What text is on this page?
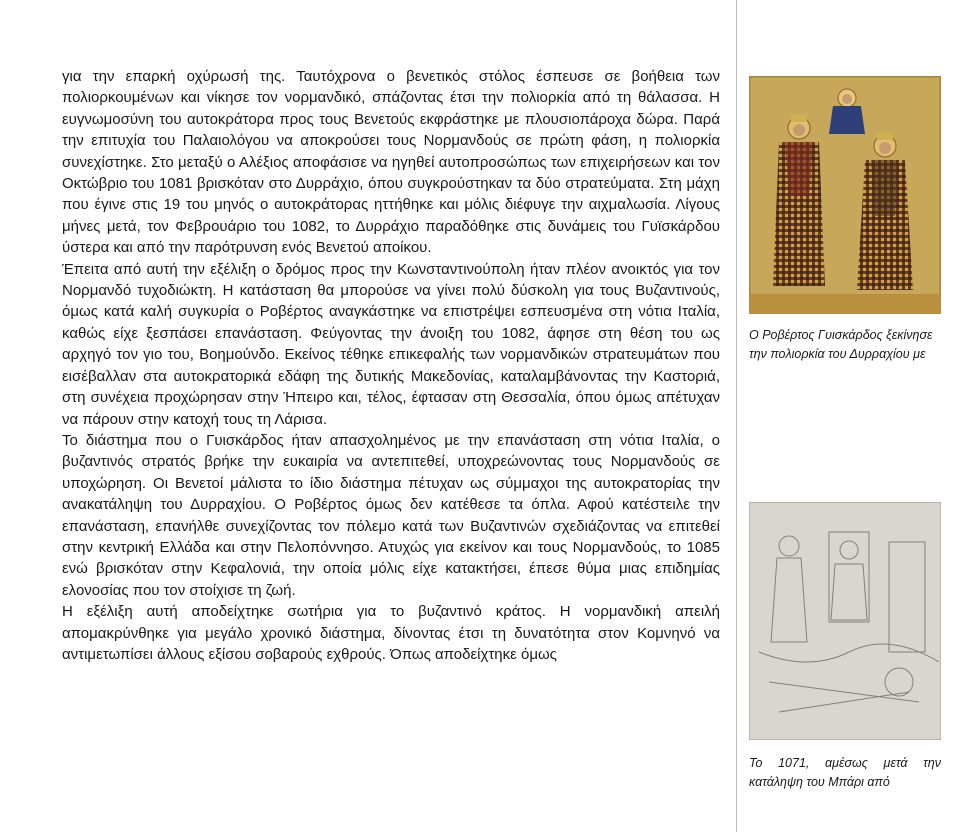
για την επαρκή οχύρωσή της. Ταυτόχρονα ο βενετικός στόλος έσπευσε σε βοήθεια των πολιορκουμένων και νίκησε τον νορμανδικό, σπάζοντας έτσι την πολιορκία από τη θάλασσα. Η ευγνωμοσύνη του αυτοκράτορα προς τους Βενετούς εκφράστηκε με πλουσιοπάροχα δώρα. Παρά την επιτυχία του Παλαιολόγου να αποκρούσει τους Νορμανδούς σε πρώτη φάση, η πολιορκία συνεχίστηκε. Στο μεταξύ ο Αλέξιος αποφάσισε να ηγηθεί αυτοπροσώπως των επιχειρήσεων και τον Οκτώβριο του 1081 βρισκόταν στο Δυρράχιο, όπου συγκρούστηκαν τα δύο στρατεύματα. Στη μάχη που έγινε στις 19 του μηνός ο αυτοκράτορας ηττήθηκε και μόλις διέφυγε την αιχμαλωσία. Λίγους μήνες μετά, τον Φεβρουάριο του 1082, το Δυρράχιο παραδόθηκε στις δυνάμεις του Γυϊσκάρδου ύστερα και από την παρότρυνση ενός Βενετού αποίκου.

Έπειτα από αυτή την εξέλιξη ο δρόμος προς την Κωνσταντινούπολη ήταν πλέον ανοικτός για τον Νορμανδό τυχοδιώκτη. Η κατάσταση θα μπορούσε να γίνει πολύ δύσκολη για τους Βυζαντινούς, όμως κατά καλή συγκυρία ο Ροβέρτος αναγκάστηκε να επιστρέψει εσπευσμένα στη νότια Ιταλία, καθώς είχε ξεσπάσει επανάσταση. Φεύγοντας την άνοιξη του 1082, άφησε στη θέση του ως αρχηγό τον γιο του, Βοημούνδο. Εκείνος τέθηκε επικεφαλής των νορμανδικών στρατευμάτων που εισέβαλλαν στα αυτοκρατορικά εδάφη της δυτικής Μακεδονίας, καταλαμβάνοντας την Καστοριά, στη συνέχεια προχώρησαν στην Ήπειρο και, τέλος, έφτασαν στη Θεσσαλία, όπου όμως απέτυχαν να πάρουν στην κατοχή τους τη Λάρισα.

Το διάστημα που ο Γυισκάρδος ήταν απασχολημένος με την επανάσταση στη νότια Ιταλία, ο βυζαντινός στρατός βρήκε την ευκαιρία να αντεπιτεθεί, υποχρεώνοντας τους Νορμανδούς σε υποχώρηση. Οι Βενετοί μάλιστα το ίδιο διάστημα πέτυχαν ως σύμμαχοι της αυτοκρατορίας την ανακατάληψη του Δυρραχίου. Ο Ροβέρτος όμως δεν κατέθεσε τα όπλα. Αφού κατέστειλε την επανάσταση, επανήλθε συνεχίζοντας τον πόλεμο κατά των Βυζαντινών σχεδιάζοντας να επιτεθεί στην κεντρική Ελλάδα και στην Πελοπόννησο. Ατυχώς για εκείνον και τους Νορμανδούς, το 1085 ενώ βρισκόταν στην Κεφαλονιά, την οποία μόλις είχε κατακτήσει, έπεσε θύμα μιας επιδημίας ελονοσίας που τον στοίχισε τη ζωή.

Η εξέλιξη αυτή αποδείχτηκε σωτήρια για το βυζαντινό κράτος. Η νορμανδική απειλή απομακρύνθηκε για μεγάλο χρονικό διάστημα, δίνοντας έτσι τη δυνατότητα στον Κομνηνό να αντιμετωπίσει άλλους εξίσου σοβαρούς εχθρούς. Όπως αποδείχτηκε όμως

Ο Ροβέρτος Γυισκάρδος ξεκίνησε την πολιορκία του Δυρραχίου με
Το 1071, αμέσως μετά την κατάληψη του Μπάρι από
